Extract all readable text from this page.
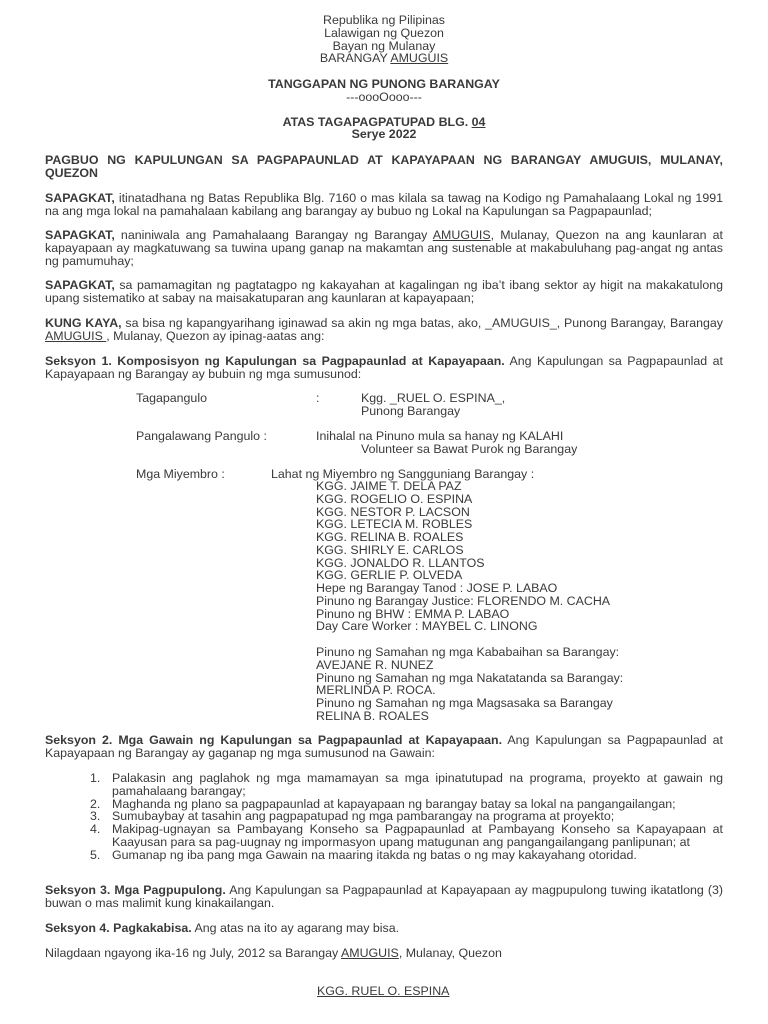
Republika ng Pilipinas
Lalawigan ng Quezon
Bayan ng Mulanay
BARANGAY AMUGUIS
TANGGAPAN NG PUNONG BARANGAY
---oooOooo---
ATAS TAGAPAGPATUPAD BLG. 04
Serye 2022
PAGBUO NG KAPULUNGAN SA PAGPAPAUNLAD AT KAPAYAPAAN NG BARANGAY AMUGUIS, MULANAY, QUEZON
SAPAGKAT, itinatadhana ng Batas Republika Blg. 7160 o mas kilala sa tawag na Kodigo ng Pamahalaang Lokal ng 1991 na ang mga lokal na pamahalaan kabilang ang barangay ay bubuo ng Lokal na Kapulungan sa Pagpapaunlad;
SAPAGKAT, naniniwala ang Pamahalaang Barangay ng Barangay AMUGUIS, Mulanay, Quezon na ang kaunlaran at kapayapaan ay magkatuwang sa tuwina upang ganap na makamtan ang sustenable at makabuluhang pag-angat ng antas ng pamumuhay;
SAPAGKAT, sa pamamagitan ng pagtatagpo ng kakayahan at kagalingan ng iba’t ibang sektor ay higit na makakatulong upang sistematiko at sabay na maisakatuparan ang kaunlaran at kapayapaan;
KUNG KAYA, sa bisa ng kapangyarihang iginawad sa akin ng mga batas, ako, _AMUGUIS_, Punong Barangay, Barangay AMUGUIS , Mulanay, Quezon ay ipinag-aatas ang:
Seksyon 1. Komposisyon ng Kapulungan sa Pagpapaunlad at Kapayapaan. Ang Kapulungan sa Pagpapaunlad at Kapayapaan ng Barangay ay bubuin ng mga sumusunod:
Tagapangulo	:	Kgg. _RUEL O. ESPINA_,
Punong Barangay
Pangalawang Pangulo :	Inihalal na Pinuno mula sa hanay ng KALAHI
Volunteer sa Bawat Purok ng Barangay
Mga Miyembro :	Lahat ng Miyembro ng Sangguniang Barangay :
KGG. JAIME T. DELA PAZ
KGG. ROGELIO O. ESPINA
KGG. NESTOR P. LACSON
KGG. LETECIA M. ROBLES
KGG. RELINA B. ROALES
KGG. SHIRLY E. CARLOS
KGG. JONALDO R. LLANTOS
KGG. GERLIE P. OLVEDA
Hepe ng Barangay Tanod : JOSE P. LABAO
Pinuno ng Barangay Justice: FLORENDO M. CACHA
Pinuno ng BHW : EMMA P. LABAO
Day Care Worker : MAYBEL C. LINONG
Pinuno ng Samahan ng mga Kababaihan sa Barangay:
AVEJANE R. NUNEZ
Pinuno ng Samahan ng mga Nakatatanda sa Barangay:
MERLINDA P. ROCA.
Pinuno ng Samahan ng mga Magsasaka sa Barangay
RELINA B. ROALES
Seksyon 2. Mga Gawain ng Kapulungan sa Pagpapaunlad at Kapayapaan. Ang Kapulungan sa Pagpapaunlad at Kapayapaan ng Barangay ay gaganap ng mga sumusunod na Gawain:
1. Palakasin ang paglahok ng mga mamamayan sa mga ipinatutupad na programa, proyekto at gawain ng pamahalaang barangay;
2. Maghanda ng plano sa pagpapaunlad at kapayapaan ng barangay batay sa lokal na pangangailangan;
3. Sumubaybay at tasahin ang pagpapatupad ng mga pambarangay na programa at proyekto;
4. Makipag-ugnayan sa Pambayang Konseho sa Pagpapaunlad at Pambayang Konseho sa Kapayapaan at Kaayusan para sa pag-uugnay ng impormasyon upang matugunan ang pangangailangang panlipunan; at
5. Gumanap ng iba pang mga Gawain na maaring itakda ng batas o ng may kakayahang otoridad.
Seksyon 3. Mga Pagpupulong. Ang Kapulungan sa Pagpapaunlad at Kapayapaan ay magpupulong tuwing ikatatlong (3) buwan o mas malimit kung kinakailangan.
Seksyon 4. Pagkakabisa. Ang atas na ito ay agarang may bisa.
Nilagdaan ngayong ika-16 ng July, 2012 sa Barangay AMUGUIS, Mulanay, Quezon
KGG. RUEL O. ESPINA
